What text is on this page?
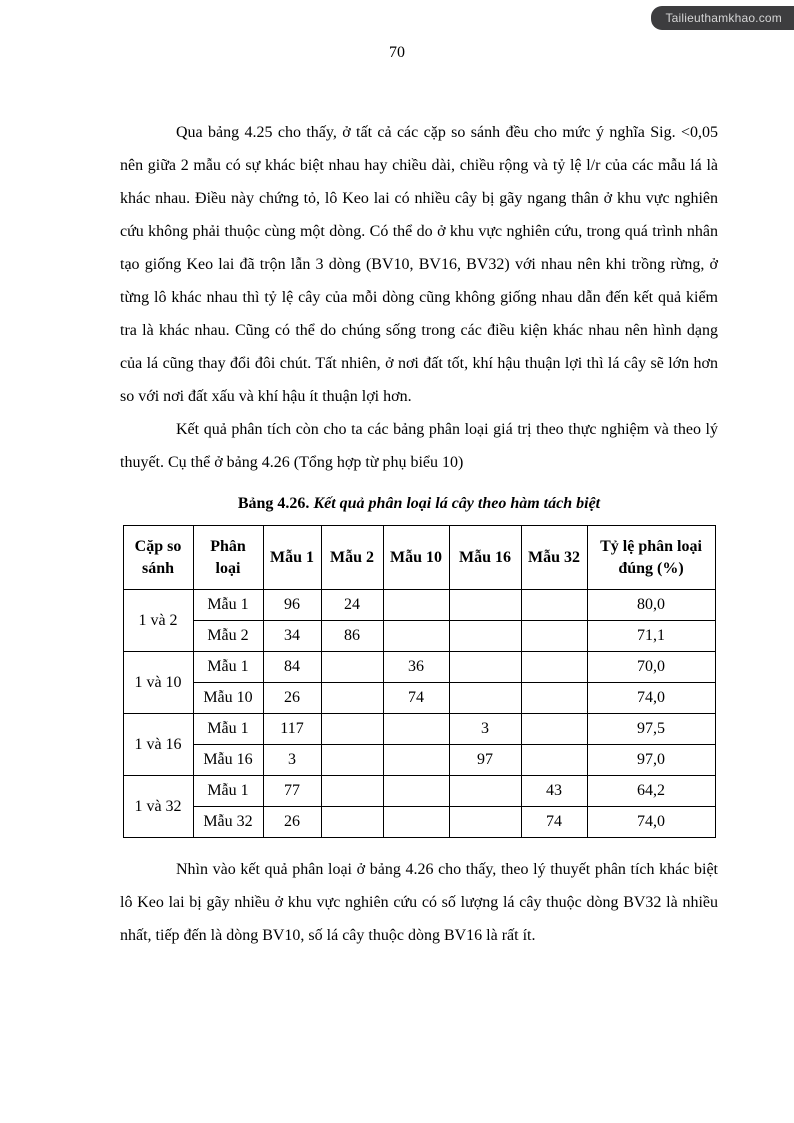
Tailieuthamkhao.com
70

Qua bảng 4.25 cho thấy, ở tất cả các cặp so sánh đều cho mức ý nghĩa Sig. <0,05 nên giữa 2 mẫu có sự khác biệt nhau hay chiều dài, chiều rộng và tỷ lệ l/r của các mẫu lá là khác nhau. Điều này chứng tỏ, lô Keo lai có nhiều cây bị gãy ngang thân ở khu vực nghiên cứu không phải thuộc cùng một dòng. Có thể do ở khu vực nghiên cứu, trong quá trình nhân tạo giống Keo lai đã trộn lẫn 3 dòng (BV10, BV16, BV32) với nhau nên khi trồng rừng, ở từng lô khác nhau thì tỷ lệ cây của mỗi dòng cũng không giống nhau dẫn đến kết quả kiểm tra là khác nhau. Cũng có thể do chúng sống trong các điều kiện khác nhau nên hình dạng của lá cũng thay đổi đôi chút. Tất nhiên, ở nơi đất tốt, khí hậu thuận lợi thì lá cây sẽ lớn hơn so với nơi đất xấu và khí hậu ít thuận lợi hơn.

Kết quả phân tích còn cho ta các bảng phân loại giá trị theo thực nghiệm và theo lý thuyết. Cụ thể ở bảng 4.26 (Tổng hợp từ phụ biểu 10)

Bảng 4.26. Kết quả phân loại lá cây theo hàm tách biệt
Cặp so sánh	Phân loại	Mẫu 1	Mẫu 2	Mẫu 10	Mẫu 16	Mẫu 32	Tỷ lệ phân loại đúng (%)
1 và 2	Mẫu 1	96	24				80,0
	Mẫu 2	34	86				71,1
1 và 10	Mẫu 1	84		36			70,0
	Mẫu 10	26		74			74,0
1 và 16	Mẫu 1	117			3		97,5
	Mẫu 16	3			97		97,0
1 và 32	Mẫu 1	77				43	64,2
	Mẫu 32	26				74	74,0

Nhìn vào kết quả phân loại ở bảng 4.26 cho thấy, theo lý thuyết phân tích khác biệt lô Keo lai bị gãy nhiều ở khu vực nghiên cứu có số lượng lá cây thuộc dòng BV32 là nhiều nhất, tiếp đến là dòng BV10, số lá cây thuộc dòng BV16 là rất ít.
